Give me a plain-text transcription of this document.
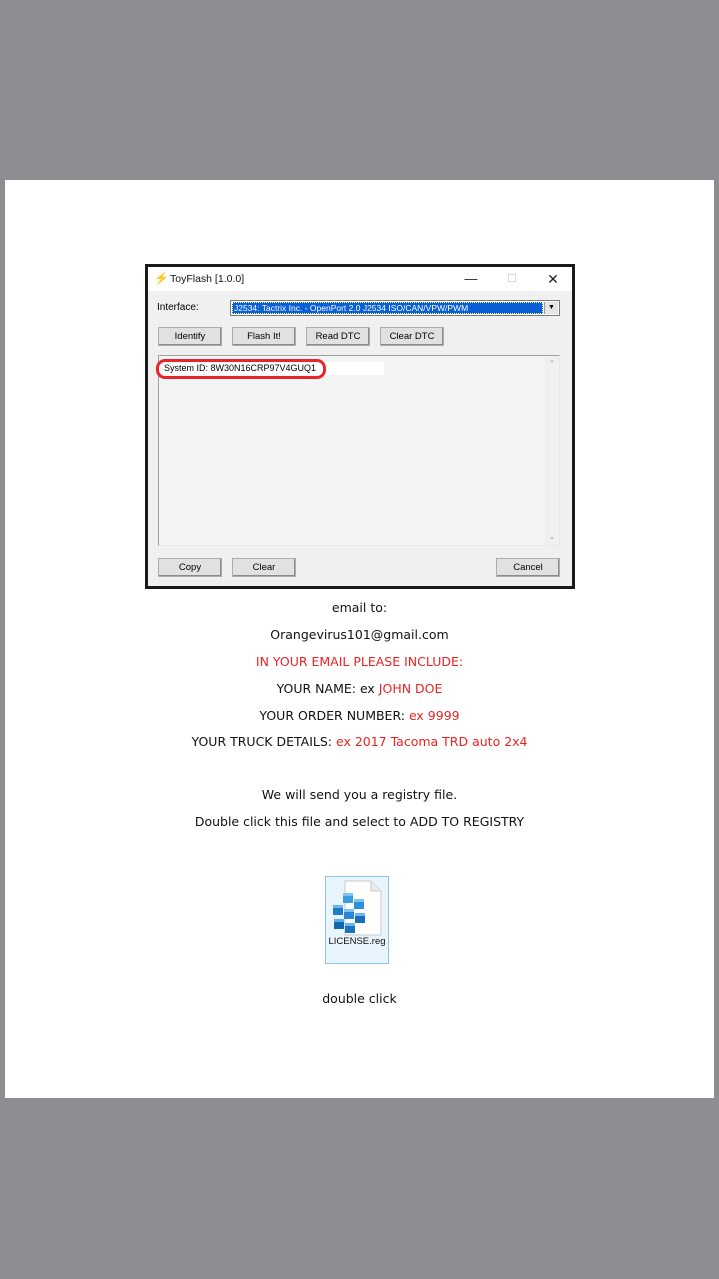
⚡ ToyFlash [1.0.0]	—	☐	✕
Interface:	J2534: Tactrix Inc. - OpenPort 2.0 J2534 ISO/CAN/VPW/PWM	▼
Identify	Flash It!	Read DTC	Clear DTC
System ID: 8W30N16CRP97V4GUQ1	⌃
⌄
Copy	Clear	Cancel
email to:
Orangevirus101@gmail.com
IN YOUR EMAIL PLEASE INCLUDE:
YOUR NAME: ex JOHN DOE
YOUR ORDER NUMBER: ex 9999
YOUR TRUCK DETAILS: ex 2017 Tacoma TRD auto 2x4
We will send you a registry file.
Double click this file and select to ADD TO REGISTRY
LICENSE.reg
double click
